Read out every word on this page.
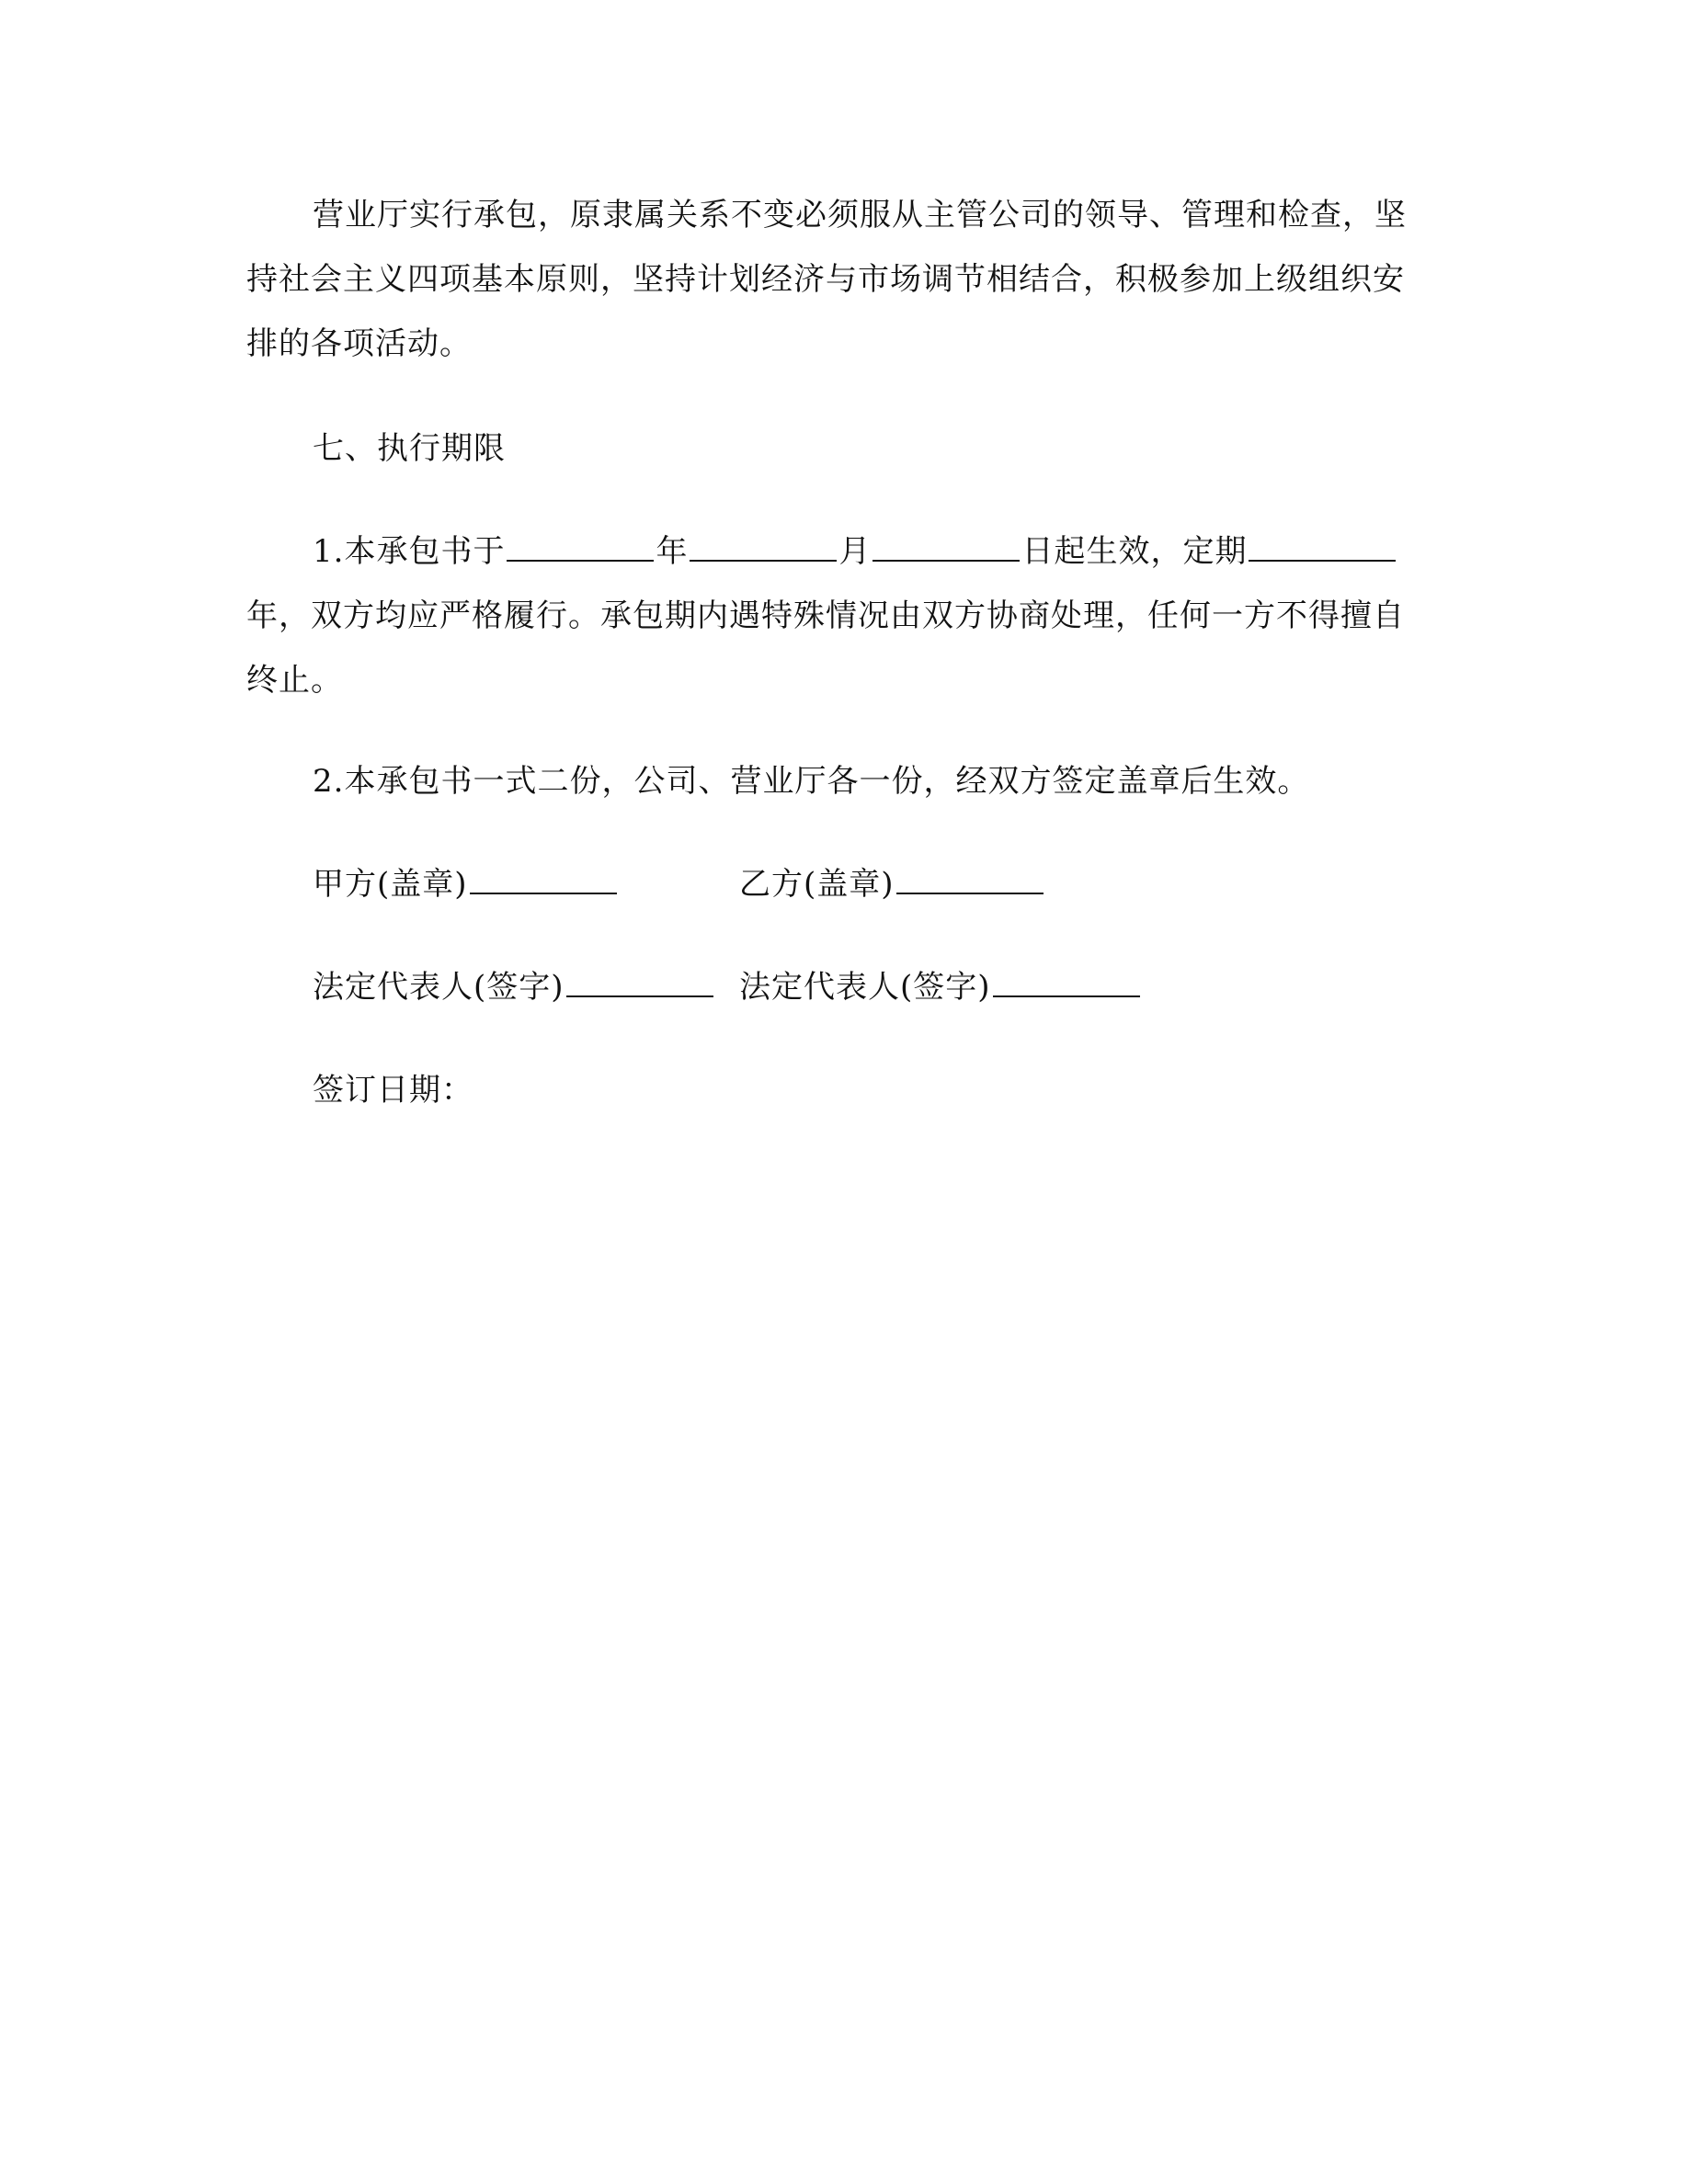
营业厅实行承包，原隶属关系不变必须服从主管公司的领导、管理和检查，坚
持社会主义四项基本原则，坚持计划经济与市场调节相结合，积极参加上级组织安
排的各项活动。
七、执行期限
1.本承包书于	年	月	日起生效，定期
年，双方均应严格履行。承包期内遇特殊情况由双方协商处理，任何一方不得擅自
终止。
2.本承包书一式二份，公司、营业厅各一份，经双方签定盖章后生效。
甲方(盖章)	乙方(盖章)
法定代表人(签字)	法定代表人(签字)
签订日期：
